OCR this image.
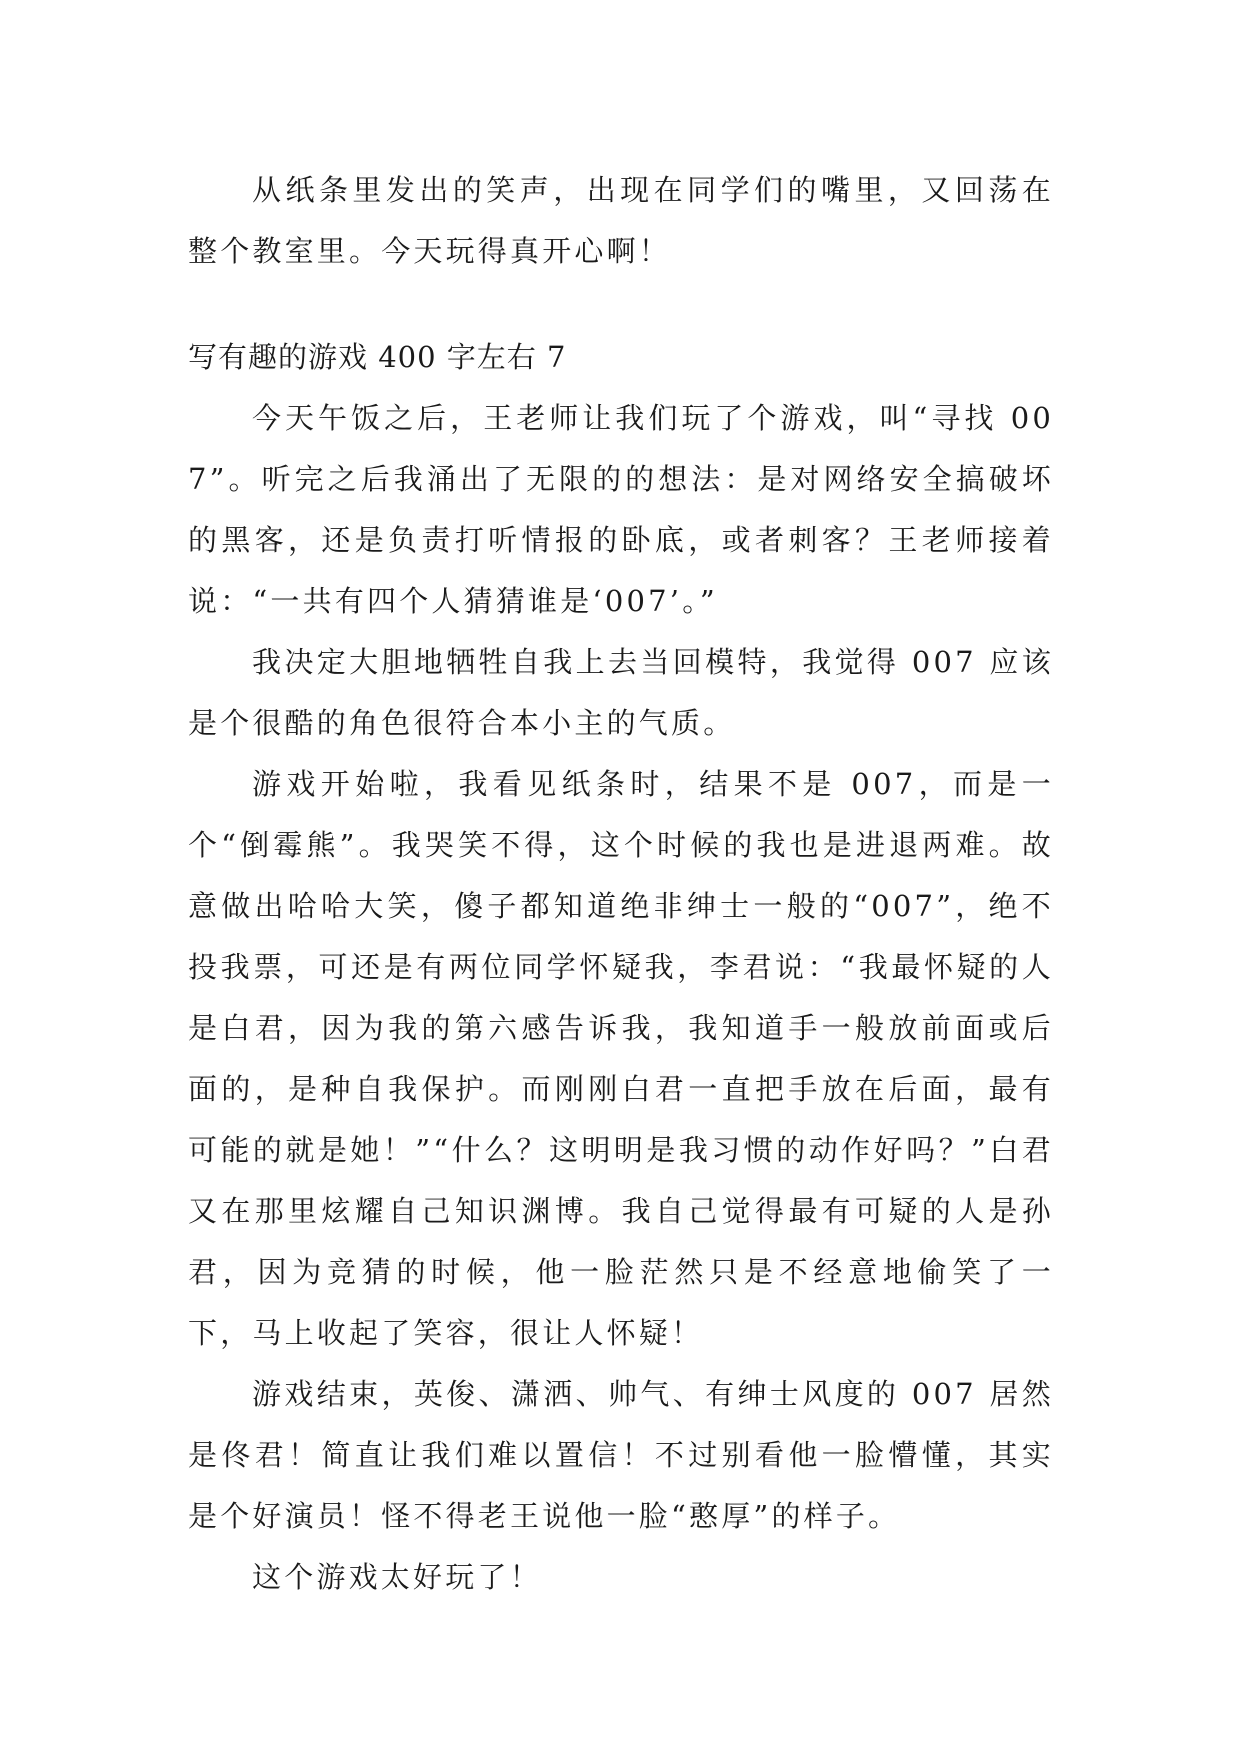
从纸条里发出的笑声，出现在同学们的嘴里，又回荡在整个教室里。今天玩得真开心啊！

写有趣的游戏 400 字左右 7

今天午饭之后，王老师让我们玩了个游戏，叫“寻找 007”。听完之后我涌出了无限的的想法：是对网络安全搞破坏的黑客，还是负责打听情报的卧底，或者刺客？王老师接着说：“一共有四个人猜猜谁是‘007’。”

我决定大胆地牺牲自我上去当回模特，我觉得 007 应该是个很酷的角色很符合本小主的气质。

游戏开始啦，我看见纸条时，结果不是 007，而是一个“倒霉熊”。我哭笑不得，这个时候的我也是进退两难。故意做出哈哈大笑，傻子都知道绝非绅士一般的“007”，绝不投我票，可还是有两位同学怀疑我，李君说：“我最怀疑的人是白君，因为我的第六感告诉我，我知道手一般放前面或后面的，是种自我保护。而刚刚白君一直把手放在后面，最有可能的就是她！”“什么？这明明是我习惯的动作好吗？”白君又在那里炫耀自己知识渊博。我自己觉得最有可疑的人是孙君，因为竞猜的时候，他一脸茫然只是不经意地偷笑了一下，马上收起了笑容，很让人怀疑！

游戏结束，英俊、潇洒、帅气、有绅士风度的 007 居然是佟君！简直让我们难以置信！不过别看他一脸懵懂，其实是个好演员！怪不得老王说他一脸“憨厚”的样子。

这个游戏太好玩了！
